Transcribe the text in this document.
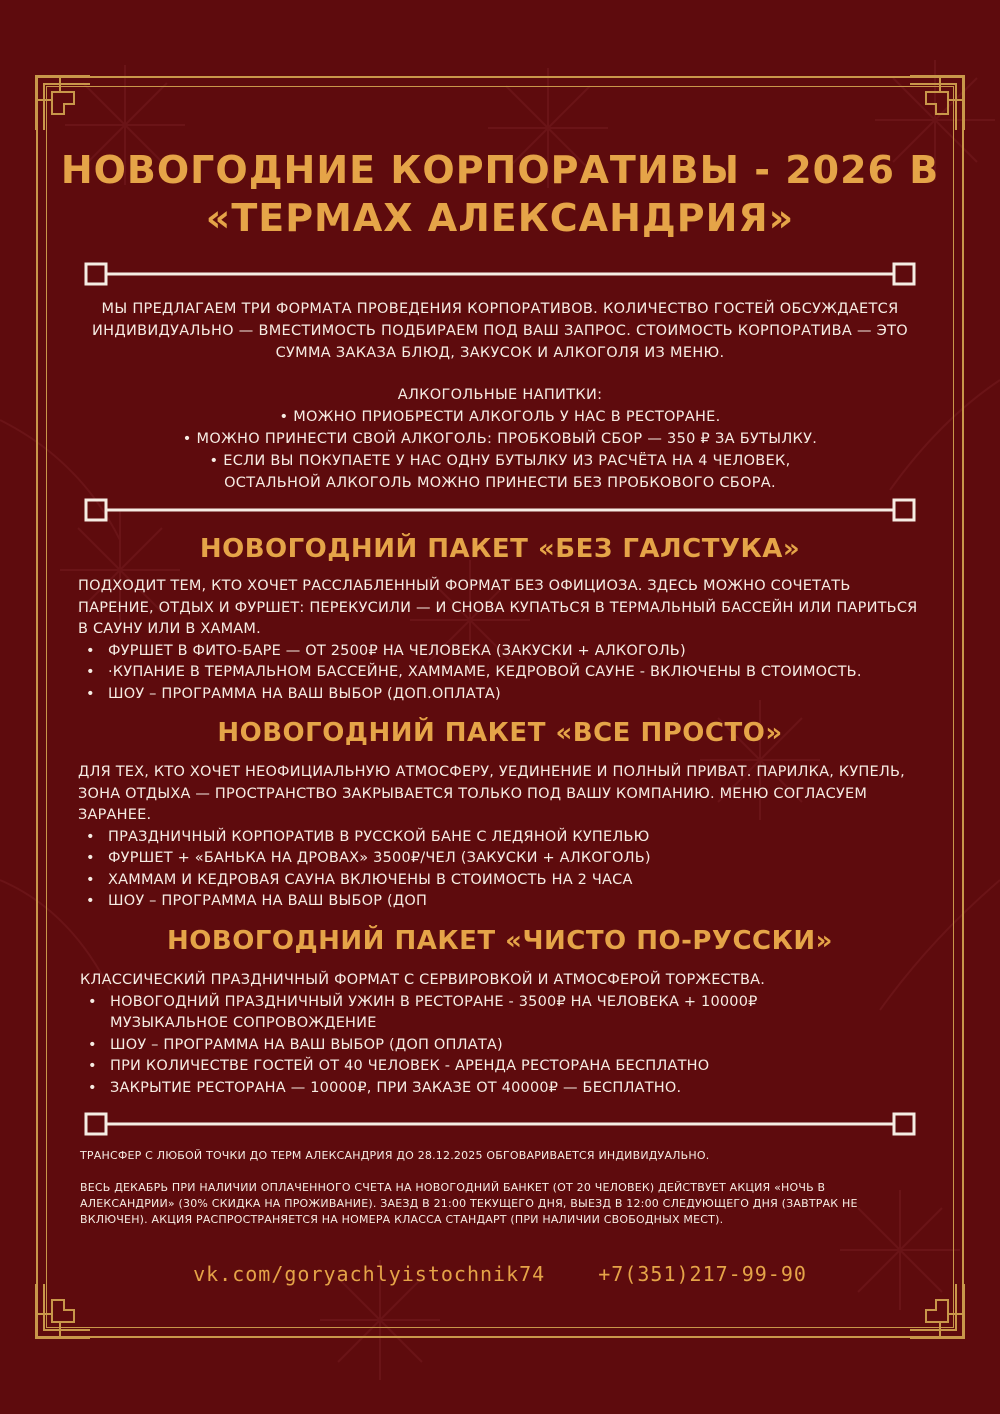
НОВОГОДНИЕ КОРПОРАТИВЫ - 2026 В «ТЕРМАХ АЛЕКСАНДРИЯ»
МЫ ПРЕДЛАГАЕМ ТРИ ФОРМАТА ПРОВЕДЕНИЯ КОРПОРАТИВОВ. КОЛИЧЕСТВО ГОСТЕЙ ОБСУЖДАЕТСЯ ИНДИВИДУАЛЬНО — ВМЕСТИМОСТЬ ПОДБИРАЕМ ПОД ВАШ ЗАПРОС. СТОИМОСТЬ КОРПОРАТИВА — ЭТО СУММА ЗАКАЗА БЛЮД, ЗАКУСОК И АЛКОГОЛЯ ИЗ МЕНЮ.

АЛКОГОЛЬНЫЕ НАПИТКИ:

• МОЖНО ПРИОБРЕСТИ АЛКОГОЛЬ У НАС В РЕСТОРАНЕ.

• МОЖНО ПРИНЕСТИ СВОЙ АЛКОГОЛЬ: ПРОБКОВЫЙ СБОР — 350 ₽ ЗА БУТЫЛКУ.

• ЕСЛИ ВЫ ПОКУПАЕТЕ У НАС ОДНУ БУТЫЛКУ ИЗ РАСЧЁТА НА 4 ЧЕЛОВЕК,

ОСТАЛЬНОЙ АЛКОГОЛЬ МОЖНО ПРИНЕСТИ БЕЗ ПРОБКОВОГО СБОРА.

НОВОГОДНИЙ ПАКЕТ «БЕЗ ГАЛСТУКА»

ПОДХОДИТ ТЕМ, КТО ХОЧЕТ РАССЛАБЛЕННЫЙ ФОРМАТ БЕЗ ОФИЦИОЗА. ЗДЕСЬ МОЖНО СОЧЕТАТЬ ПАРЕНИЕ, ОТДЫХ И ФУРШЕТ: ПЕРЕКУСИЛИ — И СНОВА КУПАТЬСЯ В ТЕРМАЛЬНЫЙ БАССЕЙН ИЛИ ПАРИТЬСЯ В САУНУ ИЛИ В ХАМАМ.

• ФУРШЕТ В ФИТО-БАРЕ — ОТ 2500₽ НА ЧЕЛОВЕКА (ЗАКУСКИ + АЛКОГОЛЬ)
• ·КУПАНИЕ В ТЕРМАЛЬНОМ БАССЕЙНЕ, ХАММАМЕ, КЕДРОВОЙ САУНЕ - ВКЛЮЧЕНЫ В СТОИМОСТЬ.
• ШОУ – ПРОГРАММА НА ВАШ ВЫБОР (ДОП.ОПЛАТА)
НОВОГОДНИЙ ПАКЕТ «ВСЕ ПРОСТО»

ДЛЯ ТЕХ, КТО ХОЧЕТ НЕОФИЦИАЛЬНУЮ АТМОСФЕРУ, УЕДИНЕНИЕ И ПОЛНЫЙ ПРИВАТ. ПАРИЛКА, КУПЕЛЬ, ЗОНА ОТДЫХА — ПРОСТРАНСТВО ЗАКРЫВАЕТСЯ ТОЛЬКО ПОД ВАШУ КОМПАНИЮ. МЕНЮ СОГЛАСУЕМ ЗАРАНЕЕ.

• ПРАЗДНИЧНЫЙ КОРПОРАТИВ В РУССКОЙ БАНЕ С ЛЕДЯНОЙ КУПЕЛЬЮ
• ФУРШЕТ + «БАНЬКА НА ДРОВАХ» 3500₽/ЧЕЛ (ЗАКУСКИ + АЛКОГОЛЬ)
• ХАММАМ И КЕДРОВАЯ САУНА ВКЛЮЧЕНЫ В СТОИМОСТЬ НА 2 ЧАСА
• ШОУ – ПРОГРАММА НА ВАШ ВЫБОР (ДОП
НОВОГОДНИЙ ПАКЕТ «ЧИСТО ПО-РУССКИ»

КЛАССИЧЕСКИЙ ПРАЗДНИЧНЫЙ ФОРМАТ С СЕРВИРОВКОЙ И АТМОСФЕРОЙ ТОРЖЕСТВА.

• НОВОГОДНИЙ ПРАЗДНИЧНЫЙ УЖИН В РЕСТОРАНЕ - 3500₽ НА ЧЕЛОВЕКА + 10000₽ МУЗЫКАЛЬНОЕ СОПРОВОЖДЕНИЕ
• ШОУ – ПРОГРАММА НА ВАШ ВЫБОР (ДОП ОПЛАТА)
• ПРИ КОЛИЧЕСТВЕ ГОСТЕЙ ОТ 40 ЧЕЛОВЕК - АРЕНДА РЕСТОРАНА БЕСПЛАТНО
• ЗАКРЫТИЕ РЕСТОРАНА — 10000₽, ПРИ ЗАКАЗЕ ОТ 40000₽ — БЕСПЛАТНО.
ТРАНСФЕР С ЛЮБОЙ ТОЧКИ ДО ТЕРМ АЛЕКСАНДРИЯ ДО 28.12.2025 ОБГОВАРИВАЕТСЯ ИНДИВИДУАЛЬНО.
ВЕСЬ ДЕКАБРЬ ПРИ НАЛИЧИИ ОПЛАЧЕННОГО СЧЕТА НА НОВОГОДНИЙ БАНКЕТ (ОТ 20 ЧЕЛОВЕК) ДЕЙСТВУЕТ АКЦИЯ «НОЧЬ В АЛЕКСАНДРИИ» (30% СКИДКА НА ПРОЖИВАНИЕ). ЗАЕЗД В 21:00 ТЕКУЩЕГО ДНЯ, ВЫЕЗД В 12:00 СЛЕДУЮЩЕГО ДНЯ (ЗАВТРАК НЕ ВКЛЮЧЕН). АКЦИЯ РАСПРОСТРАНЯЕТСЯ НА НОМЕРА КЛАССА СТАНДАРТ (ПРИ НАЛИЧИИ СВОБОДНЫХ МЕСТ).
vk.com/goryachlyistochnik74	+7(351)217-99-90
